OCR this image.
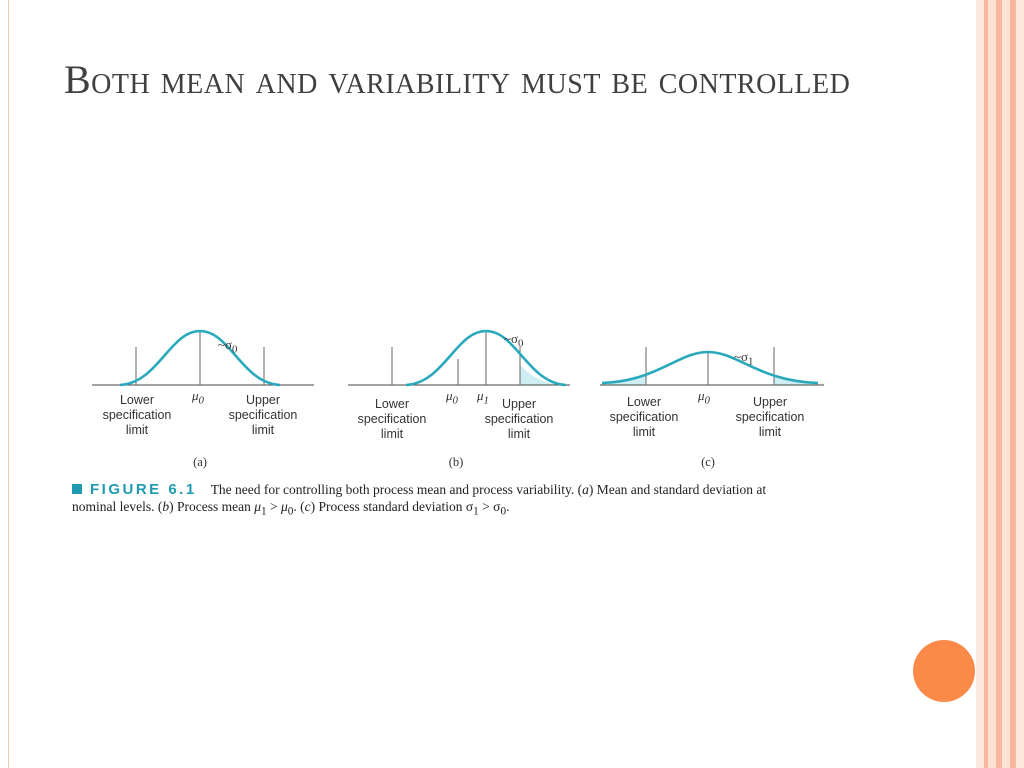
Both mean and variability must be controlled
$\sim\sigma_0$
$\mu_0$
Lower specification limit
Upper specification limit
(a)
$\sim\sigma_0$
$\mu_0$ $\mu_1$
Lower specification limit
Upper specification limit
(b)
$\sim\sigma_1$
$\mu_0$
Lower specification limit
Upper specification limit
(c)
FIGURE 6.1 The need for controlling both process mean and process variability. (a) Mean and standard deviation at nominal levels. (b) Process mean $\mu_1 > \mu_0$. (c) Process standard deviation $\sigma_1 > \sigma_0$.
